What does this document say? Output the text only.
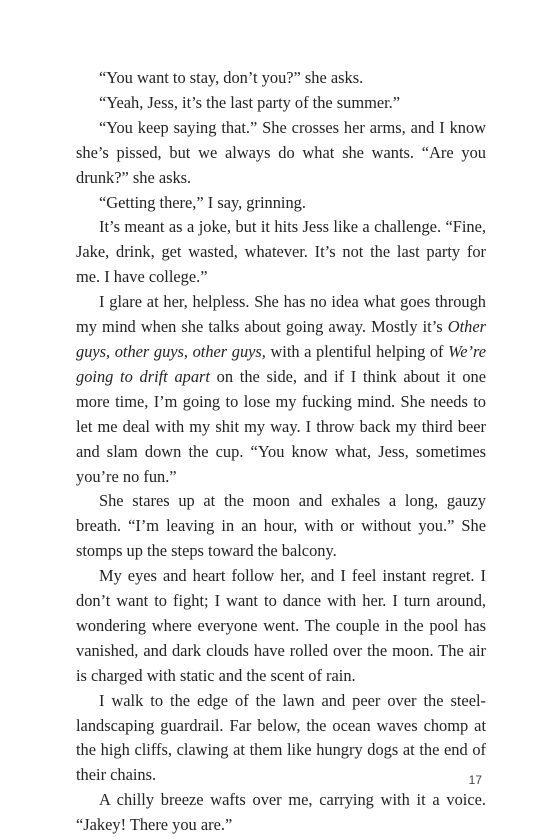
“You want to stay, don’t you?” she asks.

“Yeah, Jess, it’s the last party of the summer.”

“You keep saying that.” She crosses her arms, and I know she’s pissed, but we always do what she wants. “Are you drunk?” she asks.

“Getting there,” I say, grinning.

It’s meant as a joke, but it hits Jess like a challenge. “Fine, Jake, drink, get wasted, whatever. It’s not the last party for me. I have college.”

I glare at her, helpless. She has no idea what goes through my mind when she talks about going away. Mostly it’s Other guys, other guys, other guys, with a plentiful helping of We’re going to drift apart on the side, and if I think about it one more time, I’m going to lose my fucking mind. She needs to let me deal with my shit my way. I throw back my third beer and slam down the cup. “You know what, Jess, sometimes you’re no fun.”

She stares up at the moon and exhales a long, gauzy breath. “I’m leaving in an hour, with or without you.” She stomps up the steps toward the balcony.

My eyes and heart follow her, and I feel instant regret. I don’t want to fight; I want to dance with her. I turn around, wondering where everyone went. The couple in the pool has vanished, and dark clouds have rolled over the moon. The air is charged with static and the scent of rain.

I walk to the edge of the lawn and peer over the steel-landscaping guardrail. Far below, the ocean waves chomp at the high cliffs, clawing at them like hungry dogs at the end of their chains.

A chilly breeze wafts over me, carrying with it a voice. “Jakey! There you are.”

17
